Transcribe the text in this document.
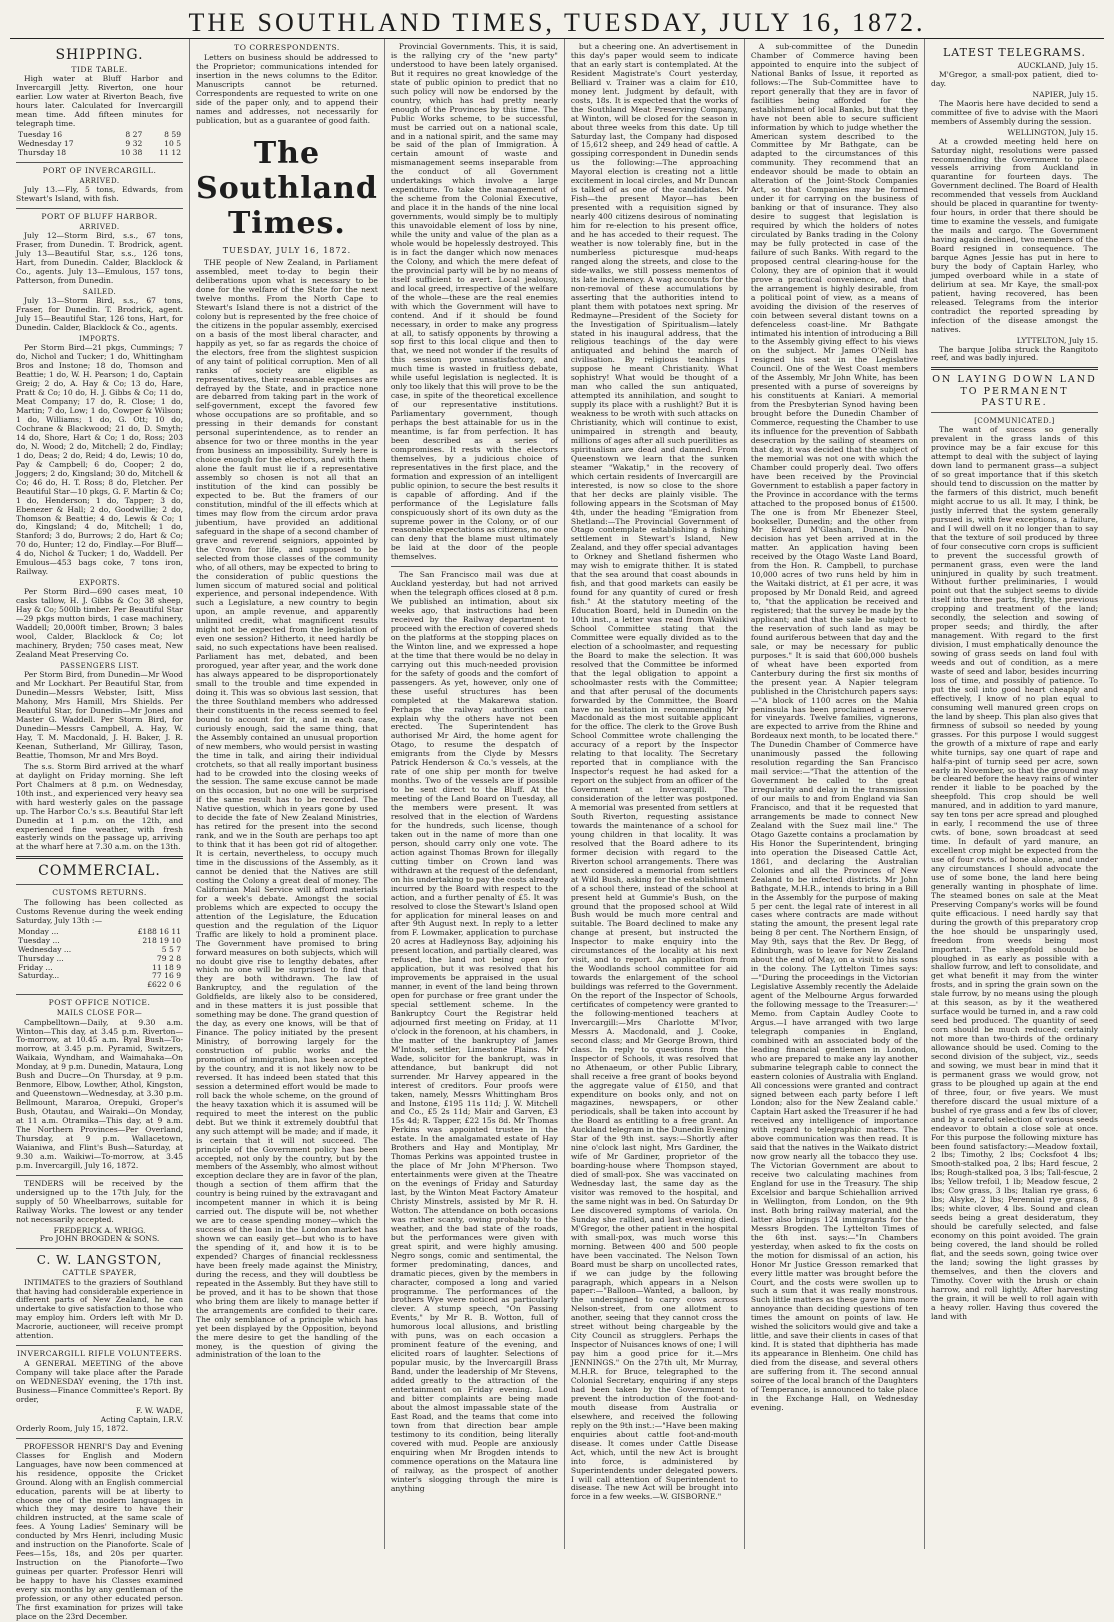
THE SOUTHLAND TIMES, TUESDAY, JULY 16, 1872.
SHIPPING.
TIDE TABLE.

High water at Bluff Harbor and Invercargill Jetty. Riverton, one hour earlier. Low water at Riverton Beach, five hours later. Calculated for Invercargill mean time. Add fifteen minutes for telegraph time.

Tuesday 16	8 27	8 59
Wednesday 17	9 32	10 5
Thursday 18	10 38	11 12
PORT OF INVERCARGILL.
ARRIVED.

July 13.—Fly, 5 tons, Edwards, from Stewart's Island, with fish.

PORT OF BLUFF HARBOR.
ARRIVED.

July 12—Storm Bird, s.s., 67 tons, Fraser, from Dunedin. T. Brodrick, agent. July 13—Beautiful Star, s.s., 126 tons, Hart, from Dunedin. Calder, Blacklock & Co., agents. July 13—Emulous, 157 tons, Patterson, from Dunedin.

SAILED.

July 13—Storm Bird, s.s., 67 tons, Fraser, for Dunedin. T. Brodrick, agent. July 15—Beautiful Star, 126 tons, Hart, for Dunedin. Calder, Blacklock & Co., agents.

IMPORTS.

Per Storm Bird—21 pkgs, Cummings; 7 do, Nichol and Tucker; 1 do, Whittingham Bros and Instone; 18 do, Thomson and Beattie; 1 do, W. H. Pearson; 1 do, Captain Greig; 2 do, A. Hay & Co; 13 do, Hare, Pratt & Co; 10 do, H. J. Gibbs & Co; 11 do, Meat Company; 17 do, R. Close; 1 do, Martin; 7 do, Low; 1 do, Cowper & Wilson; 1 do, Williams; 1 do, G. Ott; 10 do, Cochrane & Blackwood; 21 do, D. Smyth; 14 do, Shore, Hart & Co; 1 do, Ross; 203 do, N. Wood; 2 do, Mitchell; 2 do, Findlay; 1 do, Deas; 2 do, Reid; 4 do, Lewis; 10 do, Pay & Campbell; 6 do, Cooper; 2 do, Joggers; 2 do, Kingsland; 30 do, Mitchell & Co; 46 do, H. T. Ross; 8 do, Fletcher. Per Beautiful Star—10 pkgs, G. F. Martin & Co; 1 do, Henderson; 1 do, Tapper; 3 do, Ebenezer & Hall; 2 do, Goodwillie; 2 do, Thomson & Beattie; 4 do, Lewis & Co; 1 do, Kingsland; 4 do, Mitchell; 1 do, Stanford; 3 do, Burrows; 2 do, Hart & Co; 70 do, Hunter; 12 do, Findlay.—For Bluff—4 do, Nichol & Tucker; 1 do, Waddell. Per Emulous—453 bags coke, 7 tons iron, Railway.

EXPORTS.

Per Storm Bird—690 cases meat, 10 casks tallow, H. J. Gibbs & Co; 38 sheep, Hay & Co; 500lb timber. Per Beautiful Star—29 pkgs mutton birds, 1 case machinery, Waddell; 20,000ft timber, Brown; 3 bales wool, Calder, Blacklock & Co; lot machinery, Bryden; 750 cases meat, New Zealand Meat Preserving Co.

PASSENGERS LIST.

Per Storm Bird, from Dunedin—Mr Wood and Mr Lockhart. Per Beautiful Star, from Dunedin—Messrs Webster, Isitt, Miss Mahony, Mrs Hamill, Mrs Shields. Per Beautiful Star, for Dunedin—Mr Jones and Master G. Waddell. Per Storm Bird, for Dunedin—Messrs Campbell, A. Hay, W. Hay, T. M. Macdonald, J. H. Baker, J. R. Keenan, Sutherland, Mr Gilliray, Tason, Beattie, Thomson, Mr and Mrs Boyd.

The s.s. Storm Bird arrived at the wharf at daylight on Friday morning. She left Port Chalmers at 8 p.m. on Wednesday, 10th inst., and experienced very heavy sea with hard westerly gales on the passage up. The Harbor Co.'s s.s. Beautiful Star left Dunedin at 1 p.m. on the 12th, and experienced fine weather, with fresh easterly winds on the passage up, arriving at the wharf here at 7.30 a.m. on the 13th.

COMMERCIAL.
CUSTOMS RETURNS.

The following has been collected as Customs Revenue during the week ending Saturday, July 13th :—

Monday ...	£188 16 11
Tuesday ...	218 19 10
Wednesday ...	5 5 7
Thursday ...	79 2 8
Friday ...	11 18 9
Saturday...	77 16 9
	£622 0 6
POST OFFICE NOTICE.
MAILS CLOSE FOR—

Campbelltown—Daily, at 9.30 a.m. Winton—This day, at 3.45 p.m. Riverton—To-morrow, at 10.45 a.m. Ryal Bush—To-morrow, at 3.45 p.m. Pyramid, Switzers, Waikaia, Wyndham, and Waimahaka—On Monday, at 9 p.m. Dunedin, Mataura, Long Bush and Ducre—On Thursday, at 9 p.m. Benmore, Elbow, Lowther, Athol, Kingston, and Queenstown—Wednesday, at 3.30 p.m. Bellmount, Mararoa, Orepuki, Groper's Bush, Otautau, and Wairaki—On Monday, at 11 a.m. Otramika—This day, at 9 a.m. The Northern Provinces—Per Overland, Thursday, at 9 p.m. Wallacetown, Waianiwa, and Flint's Bush—Saturday, at 9.30 a.m. Waikiwi—To-morrow, at 3.45 p.m. Invercargill, July 16, 1872.

TENDERS will be received by the undersigned up to the 17th July, for the supply of 50 Wheelbarrows, suitable for Railway Works. The lowest or any tender not necessarily accepted.

FREDERICK A. WRIGG.
Pro JOHN BROGDEN & SONS.
C. W. LANGSTON,
CATTLE SPAYER,

INTIMATES to the graziers of Southland that having had considerable experience in different parts of New Zealand, he can undertake to give satisfaction to those who may employ him. Orders left with Mr D. Macrorie, auctioneer, will receive prompt attention.

INVERCARGILL RIFLE VOLUNTEERS.

A GENERAL MEETING of the above Company will take place after the Parade on WEDNESDAY evening, the 17th inst. Business—Finance Committee's Report. By order,

F. W. WADE,
Acting Captain, I.R.V.
Orderly Room, July 15, 1872.

PROFESSOR HENRI'S Day and Evening Classes for English and Modern Languages, have now been commenced at his residence, opposite the Cricket Ground. Along with an English commercial education, parents will be at liberty to choose one of the modern languages in which they may desire to have their children instructed, at the same scale of fees. A Young Ladies' Seminary will be conducted by Mrs Henri, including Music and instruction on the Pianoforte. Scale of Fees—15s, 18s, and 20s per quarter. Instruction on the Pianoforte—Two guineas per quarter. Professor Henri will be happy to have his Classes examined every six months by any gentleman of the profession, or any other educated person. The first examination for prizes will take place on the 23rd December.

TO CORRESPONDENTS.

Letters on business should be addressed to the Proprietor; communications intended for insertion in the news columns to the Editor. Manuscripts cannot be returned. Correspondents are requested to write on one side of the paper only, and to append their names and addresses, not necessarily for publication, but as a guarantee of good faith.

The Southland Times.
TUESDAY, JULY 16, 1872.

THE people of New Zealand, in Parliament assembled, meet to-day to begin their deliberations upon what is necessary to be done for the welfare of the State for the next twelve months. From the North Cape to Stewart's Island there is not a district of the colony but is represented by the free choice of the citizens in the popular assembly, exercised on a basis of the most liberal character, and happily as yet, so far as regards the choice of the electors, free from the slightest suspicion of any taint of political corruption. Men of all ranks of society are eligible as representatives, their reasonable expenses are defrayed by the State, and in practice none are debarred from taking part in the work of self-government, except the favored few whose occupations are so profitable, and so pressing in their demands for constant personal superintendence, as to render an absence for two or three months in the year from business an impossibility. Surely here is choice enough for the electors, and with them alone the fault must lie if a representative assembly so chosen is not all that an institution of the kind can possibly be expected to be. But the framers of our constitution, mindful of the ill effects which at times may flow from the circum ardor prava jubentium, have provided an additional safeguard in the shape of a second chamber of grave and reverend seigniors, appointed by the Crown for life, and supposed to be selected from those classes of the community who, of all others, may be expected to bring to the consideration of public questions the lumen siccum of matured social and political experience, and personal independence. With such a Legislature, a new country to begin upon, an ample revenue, and apparently unlimited credit, what magnificent results might not be expected from the legislation of even one session? Hitherto, it need hardly be said, no such expectations have been realised. Parliament has met, debated, and been prorogued, year after year, and the work done has always appeared to be disproportionately small to the trouble and time expended in doing it. This was so obvious last session, that the three Southland members who addressed their constituents in the recess seemed to feel bound to account for it, and in each case, curiously enough, said the same thing, that the Assembly contained an unusual proportion of new members, who would persist in wasting the time in talk, and airing their individual crotchets, so that all really important business had to be crowded into the closing weeks of the session. The same excuse cannot be made on this occasion, but no one will be surprised if the same result has to be recorded. The Native question, which in years gone by used to decide the fate of New Zealand Ministries, has retired for the present into the second rank, and we in the South are perhaps too apt to think that it has been got rid of altogether. It is certain, nevertheless, to occupy much time in the discussions of the Assembly, as it cannot be denied that the Natives are still costing the Colony a great deal of money. The Californian Mail Service will afford materials for a week's debate. Amongst the social problems which are expected to occupy the attention of the Legislature, the Education question and the regulation of the Liquor Traffic are likely to hold a prominent place. The Government have promised to bring forward measures on both subjects, which will no doubt give rise to lengthy debates, after which no one will be surprised to find that they are both withdrawn. The law of Bankruptcy, and the regulation of the Goldfields, are likely also to be considered, and in these matters it is just possible that something may be done. The grand question of the day, as every one knows, will be that of Finance. The policy initiated by the present Ministry, of borrowing largely for the construction of public works and the promotion of immigration, has been accepted by the country, and it is not likely now to be reversed. It has indeed been stated that this session a determined effort would be made to roll back the whole scheme, on the ground of the heavy taxation which it is assumed will be required to meet the interest on the public debt. But we think it extremely doubtful that any such attempt will be made; and if made, it is certain that it will not succeed. The principle of the Government policy has been accepted, not only by the country, but by the members of the Assembly, who almost without exception declare they are in favor of the plan, though a section of them affirm that the country is being ruined by the extravagant and incompetent manner in which it is being carried out. The dispute will be, not whether we are to cease spending money—which the success of the loan in the London market has shown we can easily get—but who is to have the spending of it, and how it is to be expended? Charges of financial recklessness have been freely made against the Ministry, during the recess, and they will doubtless be repeated in the Assembly. But they have still to be proved, and it has to be shown that those who bring them are likely to manage better if the arrangements are confided to their care. The only semblance of a principle which has yet been displayed by the Opposition, beyond the mere desire to get the handling of the money, is the question of giving the administration of the loan to the

Provincial Governments. This, it is said, is the rallying cry of the "new party" understood to have been lately organised. But it requires no great knowledge of the state of public opinion to predict that no such policy will now be endorsed by the country, which has had pretty nearly enough of the Provinces by this time. The Public Works scheme, to be successful, must be carried out on a national scale, and in a national spirit, and the same may be said of the plan of Immigration. A certain amount of waste and mismanagement seems inseparable from the conduct of all Government undertakings which involve a large expenditure. To take the management of the scheme from the Colonial Executive, and place it in the hands of the nine local governments, would simply be to multiply this unavoidable element of loss by nine, while the unity and value of the plan as a whole would be hopelessly destroyed. This is in fact the danger which now menaces the Colony, and which the mere defeat of the provincial party will be by no means of itself sufficient to avert. Local jealousy, and local greed, irrespective of the welfare of the whole—these are the real enemies with which the Government will have to contend. And if it should be found necessary, in order to make any progress at all, to satisfy opponents by throwing a sop first to this local clique and then to that, we need not wonder if the results of this session prove unsatisfactory, and much time is wasted in fruitless debate, while useful legislation is neglected. It is only too likely that this will prove to be the case, in spite of the theoretical excellence of our representative institutions. Parliamentary government, though perhaps the best attainable for us in the meantime, is far from perfection. It has been described as a series of compromises. It rests with the electors themselves, by a judicious choice of representatives in the first place, and the formation and expression of an intelligent public opinion, to secure the best results it is capable of affording. And if the performance of the Legislature falls conspicuously short of its own duty as the supreme power in the Colony, or of our reasonable expectations as citizens, no one can deny that the blame must ultimately be laid at the door of the people themselves.

The San Francisco mail was due at Auckland yesterday, but had not arrived when the telegraph offices closed at 8 p.m. We published an intimation, about six weeks ago, that instructions had been received by the Railway department to proceed with the erection of covered sheds on the platforms at the stopping places on the Winton line, and we expressed a hope at the time that there would be no delay in carrying out this much-needed provision for the safety of goods and the comfort of passengers. As yet, however, only one of these useful structures has been completed at the Makarewa station. Perhaps the railway authorities can explain why the others have not been erected. The Superintendent has authorised Mr Aird, the home agent for Otago, to resume the despatch of emigrants from the Clyde by Messrs Patrick Henderson & Co.'s vessels, at the rate of one ship per month for twelve months. Two of the vessels are if possible to be sent direct to the Bluff. At the meeting of the Land Board on Tuesday, all the members were present. It was resolved that in the election of Wardens for the hundreds, such license, though taken out in the name of more than one person, should carry only one vote. The action against Thomas Brown for illegally cutting timber on Crown land was withdrawn at the request of the defendant, on his undertaking to pay the costs already incurred by the Board with respect to the action, and a further penalty of £5. It was resolved to close the Stewart's Island open for application for mineral leases on and after 9th August next. In reply to a letter from F. Lowmaker, application to purchase 20 acres at Hadleynoss Bay, adjoining his present location, and partially cleared, was refused, the land not being open for application, but it was resolved that his improvements be appraised in the usual manner, in event of the land being thrown open for purchase or free grant under the special settlement scheme. In the Bankruptcy Court the Registrar held adjourned first meeting on Friday, at 11 o'clock in the forenoon, at his chambers, in the matter of the bankruptcy of James M'Intosh, settler, Limestone Plains. Mr Wade, solicitor for the bankrupt, was in attendance, but bankrupt did not surrender. Mr Harvey appeared in the interest of creditors. Four proofs were taken, namely, Messrs Whittingham Bros and Instone, £195 11s 11d; J. W. Mitchell and Co., £5 2s 11d; Mair and Garven, £3 15s 4d; R. Tapper, £22 15s 8d. Mr Thomas Perkins was appointed trustee in the estate. In the amalgamated estate of Hay Brothers and Hay and Montiplay, Mr Thomas Perkins was appointed trustee in the place of Mr John M'Pherson. Two entertainments were given at the Theatre on the evenings of Friday and Saturday last, by the Winton Meat Factory Amateur Christy Minstrels, assisted by Mr R. H. Wotton. The attendance on both occasions was rather scanty, owing probably to the weather, and the bad state of the roads, but the performances were given with great spirit, and were highly amusing. Negro songs, comic and sentimental, the former predominating, dances, and dramatic pieces, given by the members in character, composed a long and varied programme. The performances of the brothers Wye were noticed as particularly clever. A stump speech, "On Passing Events," by Mr R. B. Wotton, full of humorous local allusions, and bristling with puns, was on each occasion a prominent feature of the evening, and elicited roars of laughter. Selections of popular music, by the Invercargill Brass Band, under the leadership of Mr Stevens, added greatly to the attraction of the entertainment on Friday evening. Loud and bitter complaints are being made about the almost impassable state of the East Road, and the teams that come into town from that direction bear ample testimony to its condition, being literally covered with mud. People are anxiously enquiring when Mr Brogden intends to commence operations on the Mataura line of railway, as the prospect of another winter's slogging through the mire is anything

but a cheering one. An advertisement in this day's paper would seem to indicate that an early start is contemplated. At the Resident Magistrate's Court yesterday, Belliard v. Trainer was a claim for £10, money lent. Judgment by default, with costs, 18s. It is expected that the works of the Southland Meat Preserving Company, at Winton, will be closed for the season in about three weeks from this date. Up till Saturday last, the Company had disposed of 15,612 sheep, and 249 head of cattle. A gossiping correspondent in Dunedin sends us the following:—The approaching Mayoral election is creating not a little excitement in local circles, and Mr Duncan is talked of as one of the candidates. Mr Fish—the present Mayor—has been presented with a requisition signed by nearly 400 citizens desirous of nominating him for re-election to his present office, and he has acceded to their request. The weather is now tolerably fine, but in the numberless picturesque mud-heaps ranged along the streets, and close to the side-walks, we still possess mementos of its late inclemency. A wag accounts for the non-removal of these accumulations by asserting that the authorities intend to plant them with potatoes next spring. Mr Redmayne—President of the Society for the Investigation of Spiritualism—lately stated in his inaugural address, that the religious teachings of the day were antiquated and behind the march of civilisation. By religious teachings I suppose he meant Christianity. What sophistry! What would be thought of a man who called the sun antiquated, attempted its annihilation, and sought to supply its place with a rushlight? But it is weakness to be wroth with such attacks on Christianity, which will continue to exist, unimpaired in strength and beauty, millions of ages after all such puerilities as spiritualism are dead and damned. From Queenstown we learn that the sunken steamer "Wakatip," in the recovery of which certain residents of Invercargill are interested, is now so close to the shore that her decks are plainly visible. The following appears in the Scotsman of May 4th, under the heading "Emigration from Shetland:—The Provincial Government of Otago contemplate establishing a fishing settlement in Stewart's Island, New Zealand, and they offer special advantages to Orkney and Shetland fishermen who may wish to emigrate thither. It is stated that the sea around that coast abounds in fish, and that good markets can easily be found for any quantity of cured or fresh fish." At the statutory meeting of the Education Board, held in Dunedin on the 10th inst., a letter was read from Waikiwi School Committee stating that the Committee were equally divided as to the election of a schoolmaster, and requesting the Board to make the selection. It was resolved that the Committee be informed that the legal obligation to appoint a schoolmaster rests with the Committee; and that after perusal of the documents forwarded by the Committee, the Board have no hesitation in recommending Mr Macdonald as the most suitable applicant for the office. The clerk to the Grove Bush School Committee wrote challenging the accuracy of a report by the Inspector relating to that locality. The Secretary reported that in compliance with the Inspector's request he had asked for a report on the subject from an officer of the Government at Invercargill. The consideration of the letter was postponed. A memorial was presented from settlers at South Riverton, requesting assistance towards the maintenance of a school for young children in that locality. It was resolved that the Board adhere to its former decision with regard to the Riverton school arrangements. There was next considered a memorial from settlers at Wild Bush, asking for the establishment of a school there, instead of the school at present held at Gummie's Bush, on the ground that the proposed school at Wild Bush would be much more central and suitable. The Board declined to make any change at present, but instructed the Inspector to make enquiry into the circumstances of the locality at his next visit, and to report. An application from the Woodlands school committee for aid towards the enlargement of the school buildings was referred to the Government. On the report of the Inspector of Schools, certificates of competency were granted to the following-mentioned teachers at Invercargill:—Mrs Charlotte M'Ivor, Messrs A. Macdonald, and J. Cooke, second class; and Mr George Brown, third class. In reply to questions from the Inspector of Schools, it was resolved that no Athenaeum, or other Public Library, shall receive a free grant of books beyond the aggregate value of £150, and that expenditure on books only, and not on magazines, newspapers, or other periodicals, shall be taken into account by the Board as entitling to a free grant. An Auckland telegram in the Dunedin Evening Star of the 9th inst. says:—Shortly after nine o'clock last night, Mrs Gardiner, the wife of Mr Gardiner, proprietor of the boarding-house where Thompson stayed, died of small-pox. She was vaccinated on Wednesday last, the same day as the visitor was removed to the hospital, and the same night was in bed. On Saturday Dr Lee discovered symptoms of variola. On Sunday she rallied, and last evening died. M'Gregor, the other patient in the hospital with small-pox, was much worse this morning. Between 400 and 500 people have been vaccinated. The Nelson Town Board must be sharp on uncollected rates, if we can judge by the following paragraph, which appears in a Nelson paper:—"Balloon—Wanted, a balloon, by the undersigned to carry cows across Nelson-street, from one allotment to another, seeing that they cannot cross the street without being chargeable by the City Council as strugglers. Perhaps the Inspector of Nuisances knows of one; I will pay him a good price for it.—Mrs JENNINGS." On the 27th ult, Mr Murray, M.H.R. for Bruce, telegraphed to the Colonial Secretary, enquiring if any steps had been taken by the Government to prevent the introduction of the foot-and-mouth disease from Australia or elsewhere, and received the following reply on the 9th inst.:—"Have been making enquiries about cattle foot-and-mouth disease. It comes under Cattle Disease Act, which, until the new Act is brought into force, is administered by Superintendents under delegated powers. I will call attention of Superintendent to disease. The new Act will be brought into force in a few weeks.—W. GISBORNE."

A sub-committee of the Dunedin Chamber of Commerce having been appointed to enquire into the subject of National Banks of Issue, it reported as follows:—The Sub-Committee have to report generally that they are in favor of facilities being afforded for the establishment of local Banks, but that they have not been able to secure sufficient information by which to judge whether the American system described to the Committee by Mr Bathgate, can be adapted to the circumstances of this community. They recommend that an endeavor should be made to obtain an alteration of the Joint-Stock Companies Act, so that Companies may be formed under it for carrying on the business of banking or that of insurance. They also desire to suggest that legislation is required by which the holders of notes circulated by Banks trading in the Colony may be fully protected in case of the failure of such Banks. With regard to the proposed central clearing-house for the Colony, they are of opinion that it would prove a practical convenience, and that the arrangement is highly desirable, from a political point of view, as a means of avoiding the division of the reserves of coin between several distant towns on a defenceless coast-line. Mr Bathgate intimated his intention of introducing a Bill to the Assembly giving effect to his views on the subject. Mr James O'Neill has resigned his seat in the Legislative Council. One of the West Coast members of the Assembly, Mr John White, has been presented with a purse of sovereigns by his constituents at Kaniari. A memorial from the Presbyterian Synod having been brought before the Dunedin Chamber of Commerce, requesting the Chamber to use its influence for the prevention of Sabbath desecration by the sailing of steamers on that day, it was decided that the subject of the memorial was not one with which the Chamber could properly deal. Two offers have been received by the Provincial Government to establish a paper factory in the Province in accordance with the terms attached to the proposed bonus of £1500. The one is from Mr Ebenezer Steel, bookseller, Dunedin; and the other from Mr Edward M'Glashan, Dunedin. No decision has yet been arrived at in the matter. An application having been received by the Otago Waste Land Board, from the Hon. R. Campbell, to purchase 10,000 acres of two runs held by him in the Waitaki district, at £1 per acre, it was proposed by Mr Donald Reid, and agreed to, "that the application be received and registered; that the survey be made by the applicant; and that the sale be subject to the reservation of such land as may be found auriferous between that day and the sale, or may be necessary for public purposes." It is said that 600,000 bushels of wheat have been exported from Canterbury during the first six months of the present year. A Napier telegram published in the Christchurch papers says:—"A block of 1100 acres on the Mahia peninsula has been proclaimed a reserve for vineyards. Twelve families, vignerons, are expected to arrive from the Rhine and Bordeaux next month, to be located there." The Dunedin Chamber of Commerce have unanimously passed the following resolution regarding the San Francisco mail service:—"That the attention of the Government be called to the great irregularity and delay in the transmission of our mails to and from England via San Francisco, and that it be requested that arrangements be made to connect New Zealand with the Suez mail line." The Otago Gazette contains a proclamation by His Honor the Superintendent, bringing into operation the Diseased Cattle Act, 1861, and declaring the Australian Colonies and all the Provinces of New Zealand to be infected districts. Mr John Bathgate, M.H.R., intends to bring in a Bill in the Assembly for the purpose of making 5 per cent. the legal rate of interest in all cases where contracts are made without stating the amount, the present legal rate being 8 per cent. The Northern Ensign, of May 9th, says that the Rev. Dr Begg, of Edinburgh, was to leave for New Zealand about the end of May, on a visit to his sons in the colony. The Lyttelton Times says:—"During the proceedings in the Victorian Legislative Assembly recently the Adelaide agent of the Melbourne Argus forwarded the following message to the Treasurer:—' Memo. from Captain Audley Coote to Argus.—I have arranged with two large telegraph companies in England, combined with an associated body of the leading financial gentlemen in London, who are prepared to make any lay another submarine telegraph cable to connect the eastern colonies of Australia with England. All concessions were granted and contract signed between each party before I left London; also for the New Zealand cable.' Captain Hart asked the Treasurer if he had received any intelligence of importance with regard to telegraphic matters. The above communication was then read. It is said that the natives in the Waikato district now grow nearly all the tobacco they use. The Victorian Government are about to receive two calculating machines from England for use in the Treasury. The ship Excelsior and barque Schiehallion arrived in Wellington, from London, on the 9th inst. Both bring railway material, and the latter also brings 124 immigrants for the Messrs Brogden. The Lyttelton Times of the 6th inst. says:—"In Chambers yesterday, when asked to fix the costs on the motion for dismissal of an action, his Honor Mr Justice Gresson remarked that every little matter was brought before the Court, and the costs were swollen up to such a sum that it was really monstrous. Such little matters as these gave him more annoyance than deciding questions of ten times the amount on points of law. He wished the solicitors would give and take a little, and save their clients in cases of that kind. It is stated that diphtheria has made its appearance in Blenheim. One child has died from the disease, and several others are suffering from it. The second annual soiree of the local branch of the Daughters of Temperance, is announced to take place in the Exchange Hall, on Wednesday evening.

LATEST TELEGRAMS.
AUCKLAND, July 15.

M'Gregor, a small-pox patient, died to-day.

NAPIER, July 15.

The Maoris here have decided to send a committee of five to advise with the Maori members of Assembly during the session.

WELLINGTON, July 15.

At a crowded meeting held here on Saturday night, resolutions were passed recommending the Government to place vessels arriving from Auckland in quarantine for fourteen days. The Government declined. The Board of Health recommended that vessels from Auckland should be placed in quarantine for twenty-four hours, in order that there should be time to examine the vessels, and fumigate the mails and cargo. The Government having again declined, two members of the Board resigned in consequence. The barque Agnes Jessie has put in here to bury the body of Captain Harley, who jumped overboard while in a state of delirium at sea. Mr Kaye, the small-pox patient, having recovered, has been released. Telegrams from the interior contradict the reported spreading by infection of the disease amongst the natives.

LYTTELTON, July 15.

The barque Joliba struck the Rangitoto reef, and was badly injured.

ON LAYING DOWN LAND TO PERMANENT PASTURE.
[COMMUNICATED.]

The want of success so generally prevalent in the grass lands of this province may be a fair excuse for this attempt to deal with the subject of laying down land to permanent grass—a subject of so great importance that if this sketch should tend to discussion on the matter by the farmers of this district, much benefit might accrue to us all. It may, I think, be justly inferred that the system generally pursued is, with few exceptions, a failure, and I will dwell on it no longer than to say that the texture of soil produced by three of four consecutive corn crops is sufficient to prevent the successful growth of permanent grass, even were the land uninjured in quality by such treatment. Without further preliminaries, I would point out that the subject seems to divide itself into three parts, firstly, the previous cropping and treatment of the land; secondly, the selection and sowing of proper seeds; and thirdly, the after management. With regard to the first division, I must emphatically denounce the sowing of grass seeds on land foul with weeds and out of condition, as a mere waste of seed and labor, besides incurring loss of time, and possibly of patience. To put the soil into good heart cheaply and effectively, I know of no plan equal to consuming well manured green crops on the land by sheep. This plan also gives that firmness of subsoil so needed by young grasses. For this purpose I would suggest the growth of a mixture of rape and early white turnips, say one quart of rape and half-a-pint of turnip seed per acre, sown early in November, so that the ground may be cleared before the heavy rains of winter render it liable to be poached by the sheepfold. This crop should be well manured, and in addition to yard manure, say ten tons per acre spread and ploughed in early, I recommend the use of three cwts. of bone, sown broadcast at seed time. In default of yard manure, an excellent crop might be expected from the use of four cwts. of bone alone, and under any circumstances I should advocate the use of some bone, the land here being generally wanting in phosphate of lime. The steamed bones on sale at the Meat Preserving Company's works will be found quite efficacious. I need hardly say that during the growth of this preparatory crop the hoe should be unsparingly used, freedom from weeds being most important. The sheepfold should be ploughed in as early as possible with a shallow furrow, and left to consolidate, and get what benefit it may from the winter frosts, and in spring the grain sown on the stale furrow, by no means using the plough at this season, as by it the weathered surface would be turned in, and a raw cold seed bed produced. The quantity of seed corn should be much reduced; certainly not more than two-thirds of the ordinary allowance should be used. Coming to the second division of the subject, viz., seeds and sowing, we must bear in mind that it is permanent grass we would grow, not grass to be ploughed up again at the end of three, four, or five years. We must therefore discard the usual mixture of a bushel of rye grass and a few lbs of clover, and by a careful selection of various seeds endeavor to obtain a close sole at once. For this purpose the following mixture has been found satisfactory:—Meadow foxtail, 2 lbs; Timothy, 2 lbs; Cocksfoot 4 lbs; Smooth-stalked poa, 2 lbs; Hard fescue, 2 lbs; Rough-stalked poa, 3 lbs; Tall-fescue, 2 lbs; Yellow trefoil, 1 lb; Meadow fescue, 2 lbs; Cow grass, 3 lbs; Italian rye grass, 6 lbs; Alsyke, 2 lbs; Perennial rye grass, 8 lbs; white clover, 4 lbs. Sound and clean seeds being a great desideratum, they should be carefully selected, and false economy on this point avoided. The grain being covered, the land should be rolled flat, and the seeds sown, going twice over the land; sowing the light grasses by themselves, and then the clovers and Timothy. Cover with the brush or chain harrow, and roll lightly. After harvesting the grain, it will be well to roll again with a heavy roller. Having thus covered the land with
